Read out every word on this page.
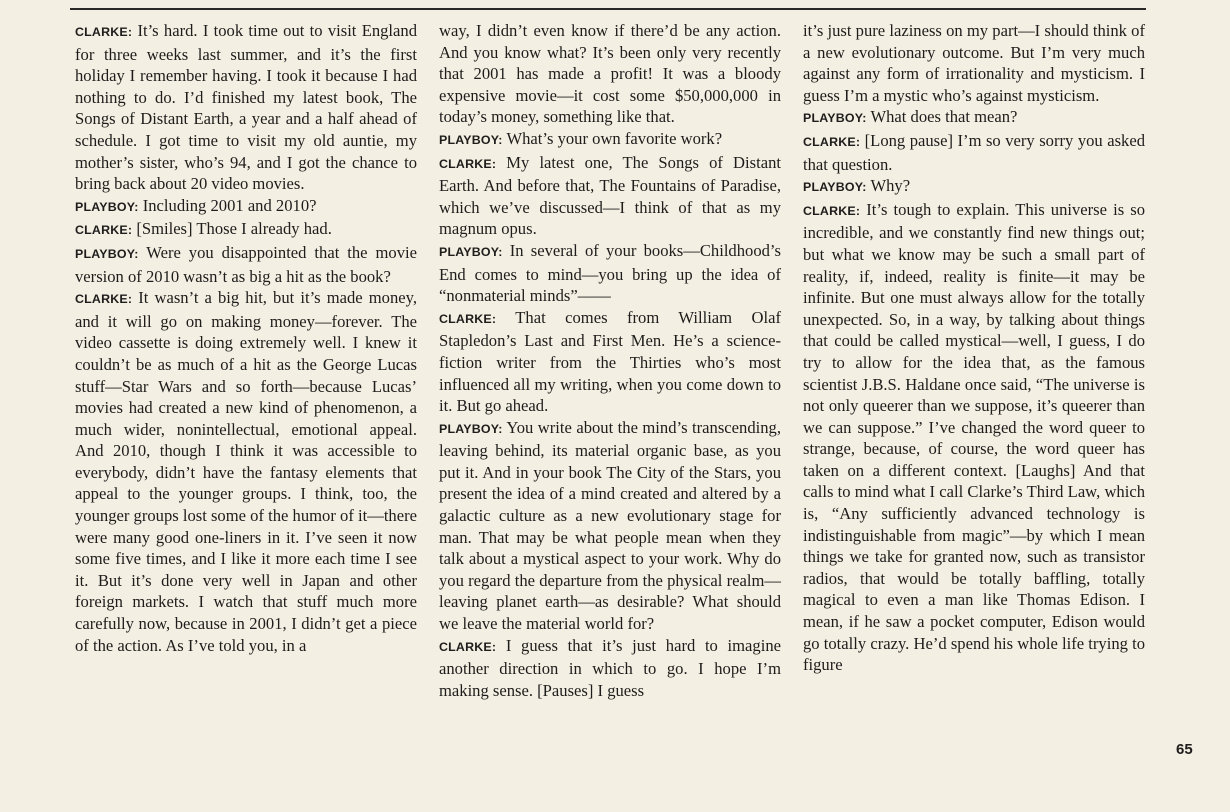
CLARKE: It’s hard. I took time out to visit England for three weeks last summer, and it’s the first holiday I remember having. I took it because I had nothing to do. I’d finished my latest book, The Songs of Distant Earth, a year and a half ahead of schedule. I got time to visit my old auntie, my mother’s sister, who’s 94, and I got the chance to bring back about 20 video movies.

PLAYBOY: Including 2001 and 2010?

CLARKE: [Smiles] Those I already had.

PLAYBOY: Were you disappointed that the movie version of 2010 wasn’t as big a hit as the book?

CLARKE: It wasn’t a big hit, but it’s made money, and it will go on making money—forever. The video cassette is doing extremely well. I knew it couldn’t be as much of a hit as the George Lucas stuff—Star Wars and so forth—because Lucas’ movies had created a new kind of phenomenon, a much wider, nonintellectual, emotional appeal. And 2010, though I think it was accessible to everybody, didn’t have the fantasy elements that appeal to the younger groups. I think, too, the younger groups lost some of the humor of it—there were many good one-liners in it. I’ve seen it now some five times, and I like it more each time I see it. But it’s done very well in Japan and other foreign markets. I watch that stuff much more carefully now, because in 2001, I didn’t get a piece of the action. As I’ve told you, in a

way, I didn’t even know if there’d be any action. And you know what? It’s been only very recently that 2001 has made a profit! It was a bloody expensive movie—it cost some $50,000,000 in today’s money, something like that.

PLAYBOY: What’s your own favorite work?

CLARKE: My latest one, The Songs of Distant Earth. And before that, The Fountains of Paradise, which we’ve discussed—I think of that as my magnum opus.

PLAYBOY: In several of your books—Childhood’s End comes to mind—you bring up the idea of “nonmaterial minds”——

CLARKE: That comes from William Olaf Stapledon’s Last and First Men. He’s a science-fiction writer from the Thirties who’s most influenced all my writing, when you come down to it. But go ahead.

PLAYBOY: You write about the mind’s transcending, leaving behind, its material organic base, as you put it. And in your book The City of the Stars, you present the idea of a mind created and altered by a galactic culture as a new evolutionary stage for man. That may be what people mean when they talk about a mystical aspect to your work. Why do you regard the departure from the physical realm—leaving planet earth—as desirable? What should we leave the material world for?

CLARKE: I guess that it’s just hard to imagine another direction in which to go. I hope I’m making sense. [Pauses] I guess

it’s just pure laziness on my part—I should think of a new evolutionary outcome. But I’m very much against any form of irrationality and mysticism. I guess I’m a mystic who’s against mysticism.

PLAYBOY: What does that mean?

CLARKE: [Long pause] I’m so very sorry you asked that question.

PLAYBOY: Why?

CLARKE: It’s tough to explain. This universe is so incredible, and we constantly find new things out; but what we know may be such a small part of reality, if, indeed, reality is finite—it may be infinite. But one must always allow for the totally unexpected. So, in a way, by talking about things that could be called mystical—well, I guess, I do try to allow for the idea that, as the famous scientist J.B.S. Haldane once said, “The universe is not only queerer than we suppose, it’s queerer than we can suppose.” I’ve changed the word queer to strange, because, of course, the word queer has taken on a different context. [Laughs] And that calls to mind what I call Clarke’s Third Law, which is, “Any sufficiently advanced technology is indistinguishable from magic”—by which I mean things we take for granted now, such as transistor radios, that would be totally baffling, totally magical to even a man like Thomas Edison. I mean, if he saw a pocket computer, Edison would go totally crazy. He’d spend his whole life trying to figure

65
